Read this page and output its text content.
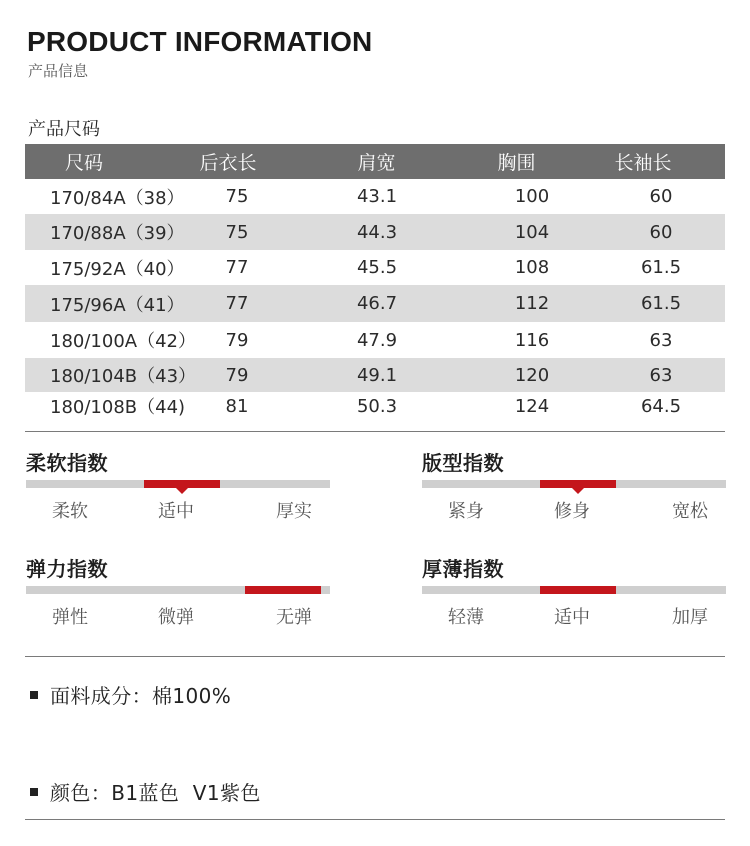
PRODUCT INFORMATION
产品信息
产品尺码
尺码	后衣长	肩宽	胸围	长袖长
170/84A（38）	75	43.1	100	60
170/88A（39）	75	44.3	104	60
175/92A（40）	77	45.5	108	61.5
175/96A（41）	77	46.7	112	61.5
180/100A（42）	79	47.9	116	63
180/104B（43）	79	49.1	120	63
180/108B（44)	81	50.3	124	64.5
柔软指数
柔软	适中	厚实
版型指数
紧身	修身	宽松
弹力指数
弹性	微弹	无弹
厚薄指数
轻薄	适中	加厚
面料成分：棉100%
颜色：B1蓝色  V1紫色
